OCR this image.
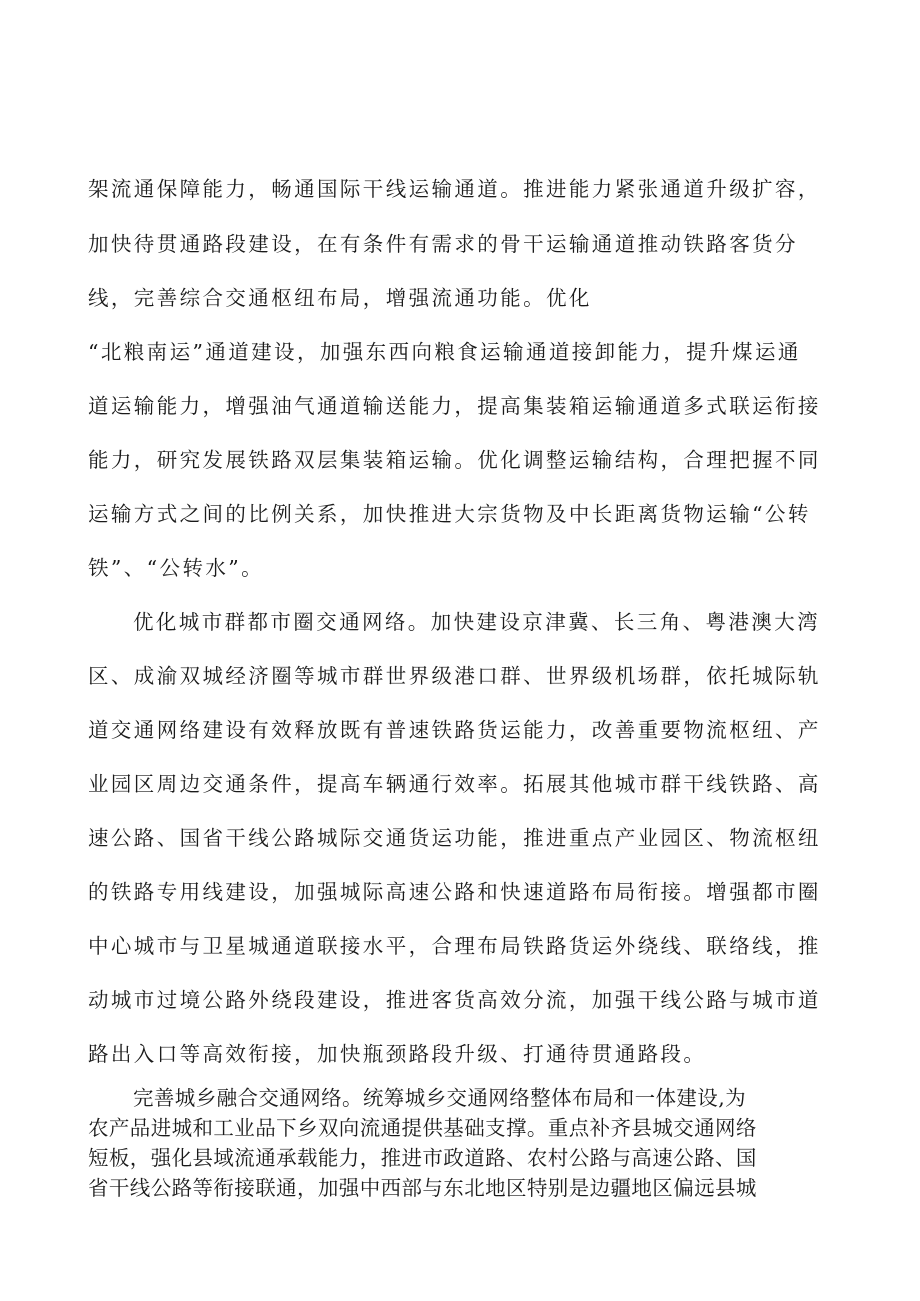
架流通保障能力，畅通国际干线运输通道。推进能力紧张通道升级扩容，

加快待贯通路段建设，在有条件有需求的骨干运输通道推动铁路客货分

线，完善综合交通枢纽布局，增强流通功能。优化

“北粮南运”通道建设，加强东西向粮食运输通道接卸能力，提升煤运通

道运输能力，增强油气通道输送能力，提高集装箱运输通道多式联运衔接

能力，研究发展铁路双层集装箱运输。优化调整运输结构，合理把握不同

运输方式之间的比例关系，加快推进大宗货物及中长距离货物运输“公转

铁”、“公转水”。

优化城市群都市圈交通网络。加快建设京津冀、长三角、粤港澳大湾

区、成渝双城经济圈等城市群世界级港口群、世界级机场群，依托城际轨

道交通网络建设有效释放既有普速铁路货运能力，改善重要物流枢纽、产

业园区周边交通条件，提高车辆通行效率。拓展其他城市群干线铁路、高

速公路、国省干线公路城际交通货运功能，推进重点产业园区、物流枢纽

的铁路专用线建设，加强城际高速公路和快速道路布局衔接。增强都市圈

中心城市与卫星城通道联接水平，合理布局铁路货运外绕线、联络线，推

动城市过境公路外绕段建设，推进客货高效分流，加强干线公路与城市道

路出入口等高效衔接，加快瓶颈路段升级、打通待贯通路段。

完善城乡融合交通网络。统筹城乡交通网络整体布局和一体建设,为

农产品进城和工业品下乡双向流通提供基础支撑。重点补齐县城交通网络

短板，强化县域流通承载能力，推进市政道路、农村公路与高速公路、国

省干线公路等衔接联通，加强中西部与东北地区特别是边疆地区偏远县城
